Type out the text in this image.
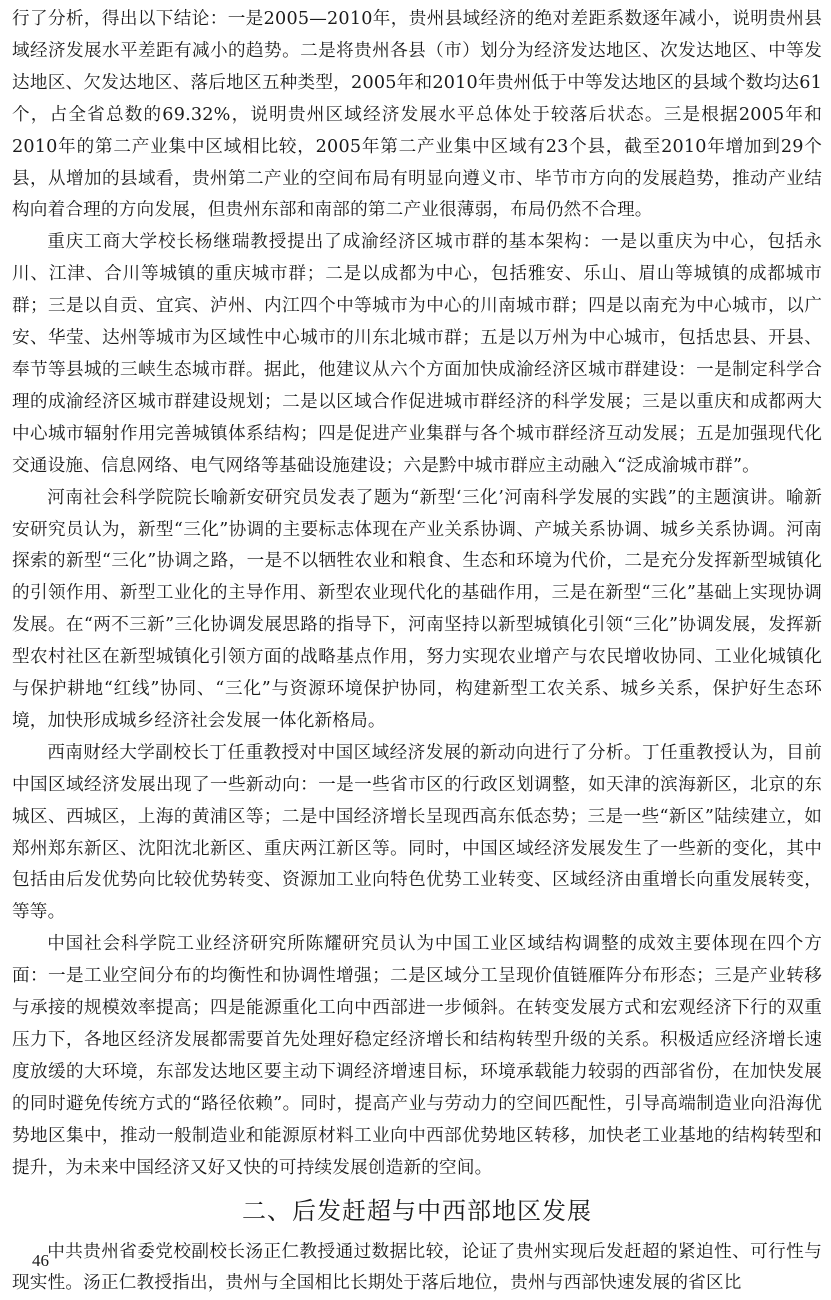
行了分析，得出以下结论：一是2005—2010年，贵州县域经济的绝对差距系数逐年减小，说明贵州县域经济发展水平差距有减小的趋势。二是将贵州各县（市）划分为经济发达地区、次发达地区、中等发达地区、欠发达地区、落后地区五种类型，2005年和2010年贵州低于中等发达地区的县域个数均达61个，占全省总数的69.32%，说明贵州区域经济发展水平总体处于较落后状态。三是根据2005年和2010年的第二产业集中区域相比较，2005年第二产业集中区域有23个县，截至2010年增加到29个县，从增加的县域看，贵州第二产业的空间布局有明显向遵义市、毕节市方向的发展趋势，推动产业结构向着合理的方向发展，但贵州东部和南部的第二产业很薄弱，布局仍然不合理。

重庆工商大学校长杨继瑞教授提出了成渝经济区城市群的基本架构：一是以重庆为中心，包括永川、江津、合川等城镇的重庆城市群；二是以成都为中心，包括雅安、乐山、眉山等城镇的成都城市群；三是以自贡、宜宾、泸州、内江四个中等城市为中心的川南城市群；四是以南充为中心城市，以广安、华莹、达州等城市为区域性中心城市的川东北城市群；五是以万州为中心城市，包括忠县、开县、奉节等县城的三峡生态城市群。据此，他建议从六个方面加快成渝经济区城市群建设：一是制定科学合理的成渝经济区城市群建设规划；二是以区域合作促进城市群经济的科学发展；三是以重庆和成都两大中心城市辐射作用完善城镇体系结构；四是促进产业集群与各个城市群经济互动发展；五是加强现代化交通设施、信息网络、电气网络等基础设施建设；六是黔中城市群应主动融入“泛成渝城市群”。

河南社会科学院院长喻新安研究员发表了题为“新型‘三化’河南科学发展的实践”的主题演讲。喻新安研究员认为，新型“三化”协调的主要标志体现在产业关系协调、产城关系协调、城乡关系协调。河南探索的新型“三化”协调之路，一是不以牺牲农业和粮食、生态和环境为代价，二是充分发挥新型城镇化的引领作用、新型工业化的主导作用、新型农业现代化的基础作用，三是在新型“三化”基础上实现协调发展。在“两不三新”三化协调发展思路的指导下，河南坚持以新型城镇化引领“三化”协调发展，发挥新型农村社区在新型城镇化引领方面的战略基点作用，努力实现农业增产与农民增收协同、工业化城镇化与保护耕地“红线”协同、“三化”与资源环境保护协同，构建新型工农关系、城乡关系，保护好生态环境，加快形成城乡经济社会发展一体化新格局。

西南财经大学副校长丁任重教授对中国区域经济发展的新动向进行了分析。丁任重教授认为，目前中国区域经济发展出现了一些新动向：一是一些省市区的行政区划调整，如天津的滨海新区，北京的东城区、西城区，上海的黄浦区等；二是中国经济增长呈现西高东低态势；三是一些“新区”陆续建立，如郑州郑东新区、沈阳沈北新区、重庆两江新区等。同时，中国区域经济发展发生了一些新的变化，其中包括由后发优势向比较优势转变、资源加工业向特色优势工业转变、区域经济由重增长向重发展转变，等等。

中国社会科学院工业经济研究所陈耀研究员认为中国工业区域结构调整的成效主要体现在四个方面：一是工业空间分布的均衡性和协调性增强；二是区域分工呈现价值链雁阵分布形态；三是产业转移与承接的规模效率提高；四是能源重化工向中西部进一步倾斜。在转变发展方式和宏观经济下行的双重压力下，各地区经济发展都需要首先处理好稳定经济增长和结构转型升级的关系。积极适应经济增长速度放缓的大环境，东部发达地区要主动下调经济增速目标，环境承载能力较弱的西部省份，在加快发展的同时避免传统方式的“路径依赖”。同时，提高产业与劳动力的空间匹配性，引导高端制造业向沿海优势地区集中，推动一般制造业和能源原材料工业向中西部优势地区转移，加快老工业基地的结构转型和提升，为未来中国经济又好又快的可持续发展创造新的空间。

二、后发赶超与中西部地区发展

中共贵州省委党校副校长汤正仁教授通过数据比较，论证了贵州实现后发赶超的紧迫性、可行性与现实性。汤正仁教授指出，贵州与全国相比长期处于落后地位，贵州与西部快速发展的省区比

46
